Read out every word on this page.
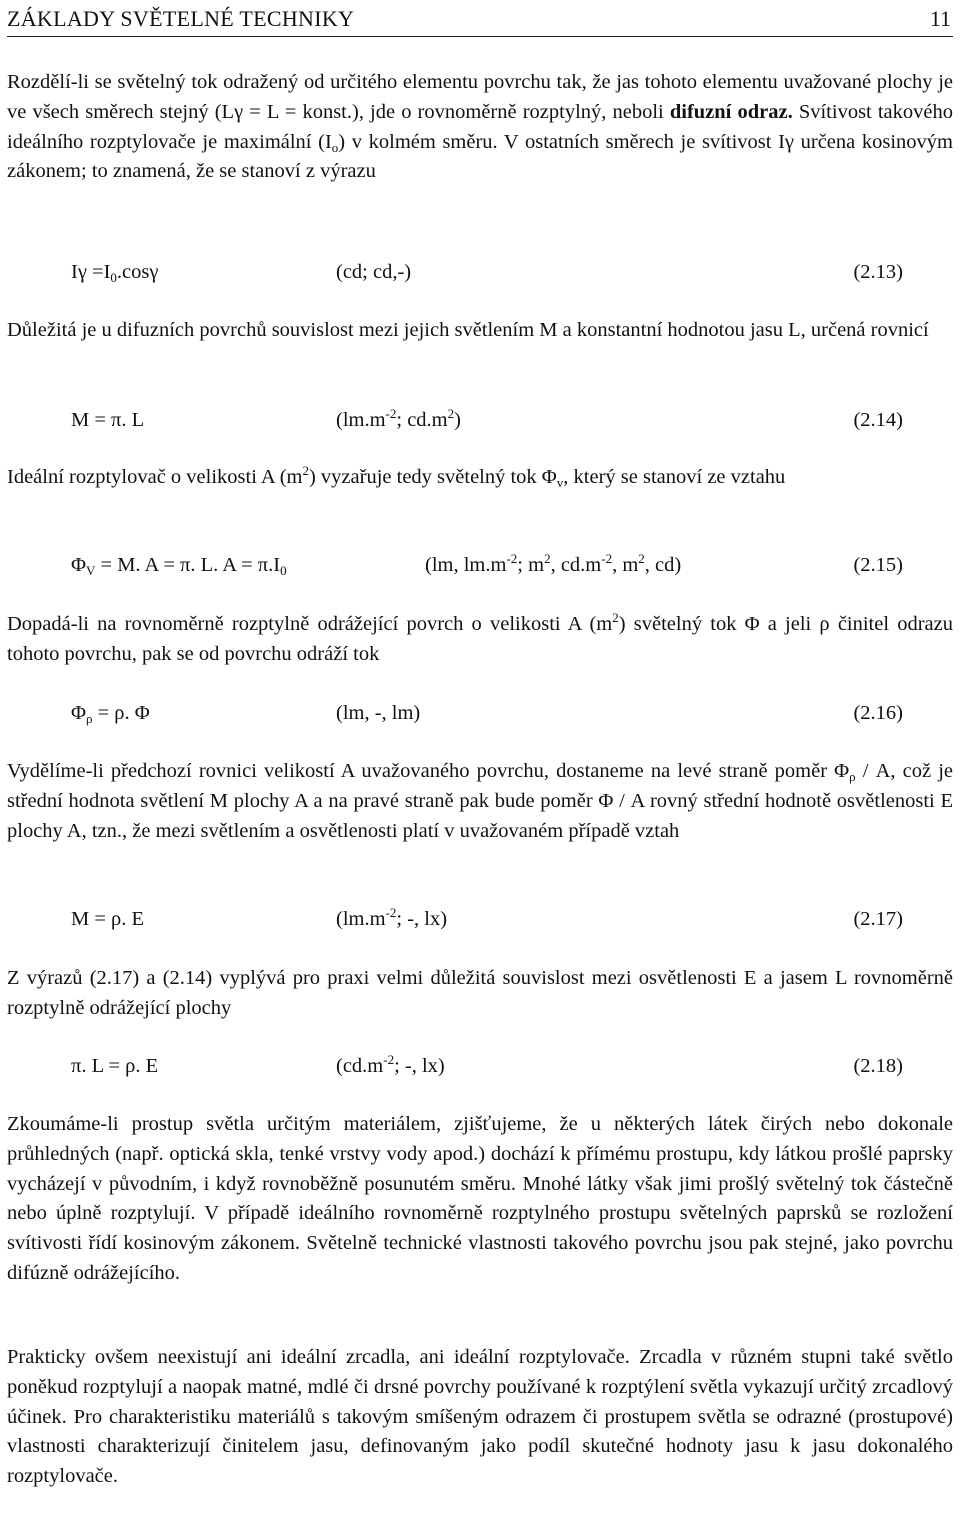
ZÁKLADY SVĚTELNÉ TECHNIKY	11

Rozdělí-li se světelný tok odražený od určitého elementu povrchu tak, že jas tohoto elementu uvažované plochy je ve všech směrech stejný (Lγ = L = konst.), jde o rovnoměrně rozptylný, neboli difuzní odraz. Svítivost takového ideálního rozptylovače je maximální $(I_o)$ v kolmém směru. V ostatních směrech je svítivost Iγ určena kosinovým zákonem; to znamená, že se stanoví z výrazu

$I\gamma =I_0.\cos\gamma$	(cd; cd,-)	(2.13)

Důležitá je u difuzních povrchů souvislost mezi jejich světlením M a konstantní hodnotou jasu L, určená rovnicí

M = π. L	($lm.m^{-2}$; $cd.m^2$)	(2.14)

Ideální rozptylovač o velikosti A $(m^2)$ vyzařuje tedy světelný tok $\Phi_v$, který se stanoví ze vztahu

$\Phi_V = M$. A = π. L. $A = \pi.I_0$	(lm, $lm.m^{-2}$; $m^2$, $cd.m^{-2}$, $m^2$, cd)	(2.15)

Dopadá-li na rovnoměrně rozptylně odrážející povrch o velikosti A $(m^2)$ světelný tok Φ a jeli ρ činitel odrazu tohoto povrchu, pak se od povrchu odráží tok

$\Phi_\rho = \rho$. Φ	(lm, -, lm)	(2.16)

Vydělíme-li předchozí rovnici velikostí A uvažovaného povrchu, dostaneme na levé straně poměr $\Phi_\rho$ / A, což je střední hodnota světlení M plochy A a na pravé straně pak bude poměr Φ / A rovný střední hodnotě osvětlenosti E plochy A, tzn., že mezi světlením a osvětlenosti platí v uvažovaném případě vztah

M = ρ. E	($lm.m^{-2}$; -, lx)	(2.17)

Z výrazů (2.17) a (2.14) vyplývá pro praxi velmi důležitá souvislost mezi osvětlenosti E a jasem L rovnoměrně rozptylně odrážející plochy

π. L = ρ. E	($cd.m^{-2}$; -, lx)	(2.18)

Zkoumáme-li prostup světla určitým materiálem, zjišťujeme, že u některých látek čirých nebo dokonale průhledných (např. optická skla, tenké vrstvy vody apod.) dochází k přímému prostupu, kdy látkou prošlé paprsky vycházejí v původním, i když rovnoběžně posunutém směru. Mnohé látky však jimi prošlý světelný tok částečně nebo úplně rozptylují. V případě ideálního rovnoměrně rozptylného prostupu světelných paprsků se rozložení svítivosti řídí kosinovým zákonem. Světelně technické vlastnosti takového povrchu jsou pak stejné, jako povrchu difúzně odrážejícího.

Prakticky ovšem neexistují ani ideální zrcadla, ani ideální rozptylovače. Zrcadla v různém stupni také světlo poněkud rozptylují a naopak matné, mdlé či drsné povrchy používané k rozptýlení světla vykazují určitý zrcadlový účinek. Pro charakteristiku materiálů s takovým smíšeným odrazem či prostupem světla se odrazné (prostupové) vlastnosti charakterizují činitelem jasu, definovaným jako podíl skutečné hodnoty jasu k jasu dokonalého rozptylovače.
